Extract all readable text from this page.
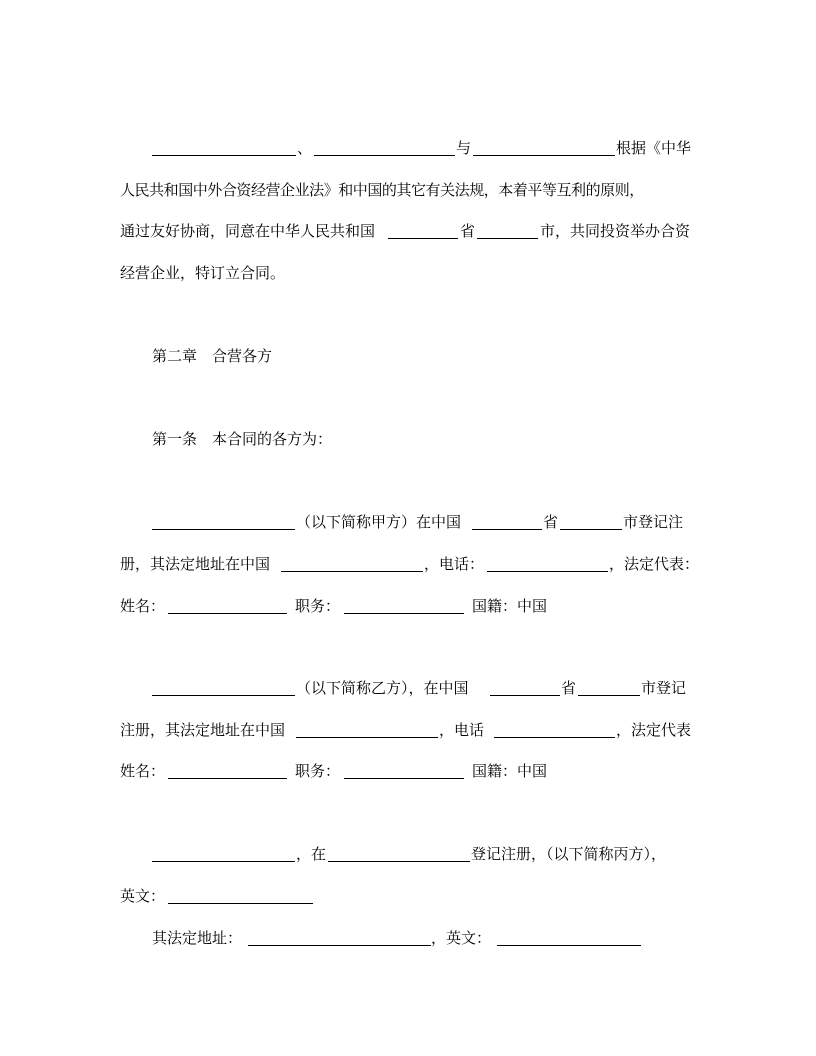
、	与	根据《中华
人民共和国中外合资经营企业法》和中国的其它有关法规，本着平等互利的原则，
通过友好协商，同意在中华人民共和国	省	市，共同投资举办合资
经营企业，特订立合同。
第二章　合营各方
第一条　本合同的各方为：
（以下简称甲方）在中国	省	市登记注
册，其法定地址在中国	，电话：	，法定代表：
姓名：	职务：	国籍：中国
（以下简称乙方），在中国	省	市登记
注册，其法定地址在中国	，电话	，法定代表
姓名：	职务：	国籍：中国
，在	登记注册，（以下简称丙方），
英文：
其法定地址：	，英文：
